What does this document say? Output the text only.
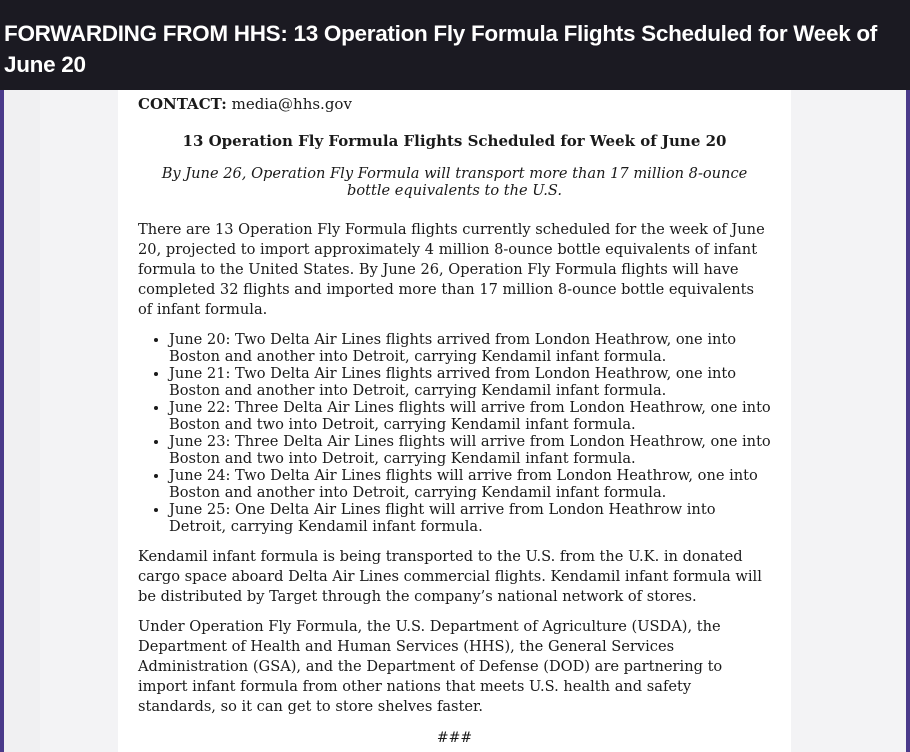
FORWARDING FROM HHS: 13 Operation Fly Formula Flights Scheduled for Week of June 20

CONTACT: media@hhs.gov

13 Operation Fly Formula Flights Scheduled for Week of June 20

By June 26, Operation Fly Formula will transport more than 17 million 8-ounce bottle equivalents to the U.S.

There are 13 Operation Fly Formula flights currently scheduled for the week of June 20, projected to import approximately 4 million 8-ounce bottle equivalents of infant formula to the United States. By June 26, Operation Fly Formula flights will have completed 32 flights and imported more than 17 million 8-ounce bottle equivalents of infant formula.

• June 20: Two Delta Air Lines flights arrived from London Heathrow, one into Boston and another into Detroit, carrying Kendamil infant formula.
• June 21: Two Delta Air Lines flights arrived from London Heathrow, one into Boston and another into Detroit, carrying Kendamil infant formula.
• June 22: Three Delta Air Lines flights will arrive from London Heathrow, one into Boston and two into Detroit, carrying Kendamil infant formula.
• June 23: Three Delta Air Lines flights will arrive from London Heathrow, one into Boston and two into Detroit, carrying Kendamil infant formula.
• June 24: Two Delta Air Lines flights will arrive from London Heathrow, one into Boston and another into Detroit, carrying Kendamil infant formula.
• June 25: One Delta Air Lines flight will arrive from London Heathrow into Detroit, carrying Kendamil infant formula.

Kendamil infant formula is being transported to the U.S. from the U.K. in donated cargo space aboard Delta Air Lines commercial flights. Kendamil infant formula will be distributed by Target through the company’s national network of stores.

Under Operation Fly Formula, the U.S. Department of Agriculture (USDA), the Department of Health and Human Services (HHS), the General Services Administration (GSA), and the Department of Defense (DOD) are partnering to import infant formula from other nations that meets U.S. health and safety standards, so it can get to store shelves faster.

###
